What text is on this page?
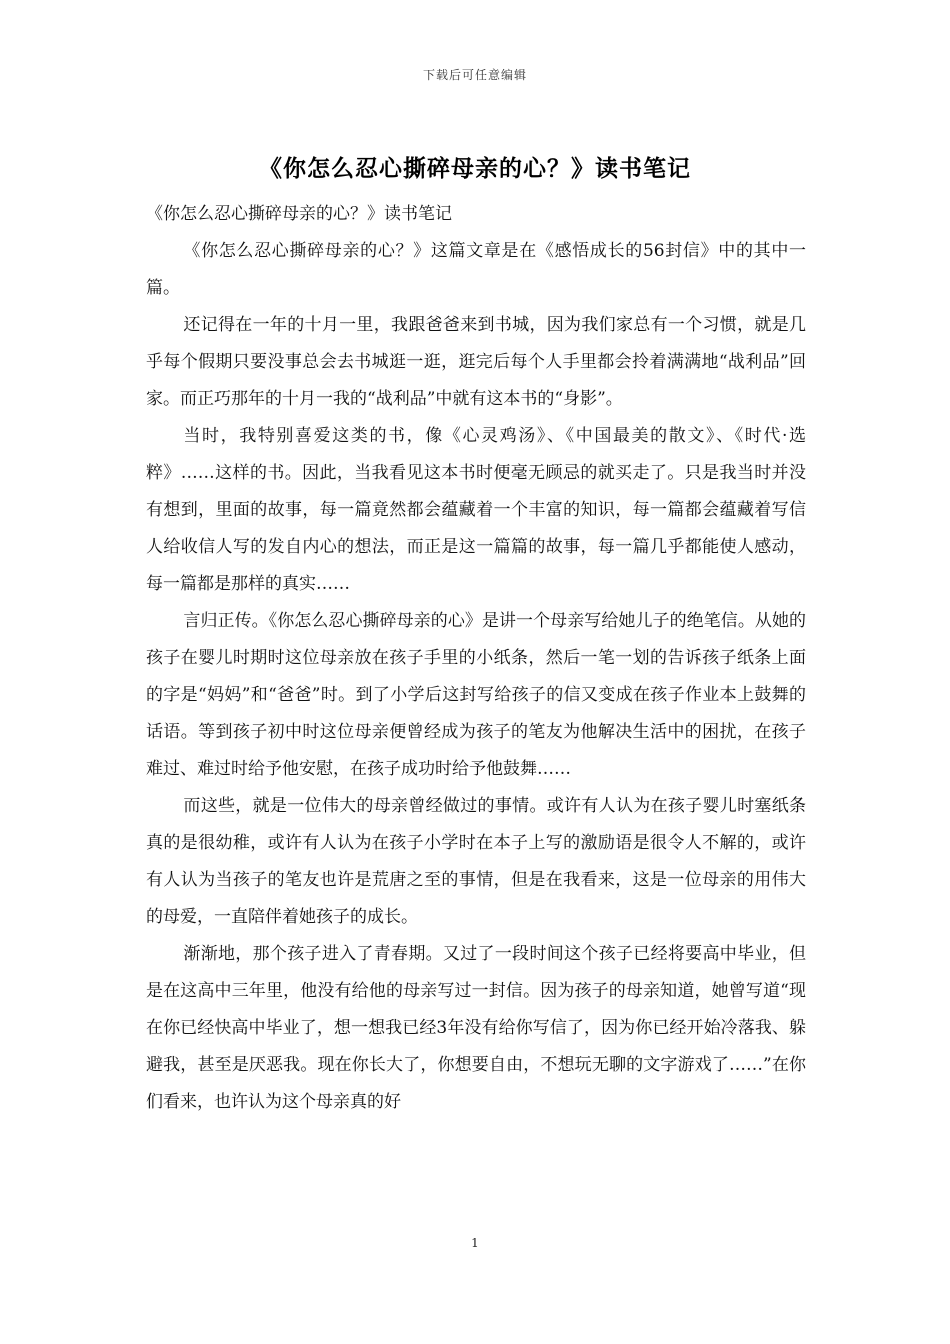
下载后可任意编辑
《你怎么忍心撕碎母亲的心？》读书笔记

《你怎么忍心撕碎母亲的心？》读书笔记

《你怎么忍心撕碎母亲的心？》这篇文章是在《感悟成长的56封信》中的其中一篇。

还记得在一年的十月一里，我跟爸爸来到书城，因为我们家总有一个习惯，就是几乎每个假期只要没事总会去书城逛一逛，逛完后每个人手里都会拎着满满地“战利品”回家。而正巧那年的十月一我的“战利品”中就有这本书的“身影”。

当时，我特别喜爱这类的书，像《心灵鸡汤》、《中国最美的散文》、《时代·选粹》……这样的书。因此，当我看见这本书时便毫无顾忌的就买走了。只是我当时并没有想到，里面的故事，每一篇竟然都会蕴藏着一个丰富的知识，每一篇都会蕴藏着写信人给收信人写的发自内心的想法，而正是这一篇篇的故事，每一篇几乎都能使人感动，每一篇都是那样的真实……

言归正传。《你怎么忍心撕碎母亲的心》是讲一个母亲写给她儿子的绝笔信。从她的孩子在婴儿时期时这位母亲放在孩子手里的小纸条，然后一笔一划的告诉孩子纸条上面的字是“妈妈”和“爸爸”时。到了小学后这封写给孩子的信又变成在孩子作业本上鼓舞的话语。等到孩子初中时这位母亲便曾经成为孩子的笔友为他解决生活中的困扰，在孩子难过、难过时给予他安慰，在孩子成功时给予他鼓舞……

而这些，就是一位伟大的母亲曾经做过的事情。或许有人认为在孩子婴儿时塞纸条真的是很幼稚，或许有人认为在孩子小学时在本子上写的激励语是很令人不解的，或许有人认为当孩子的笔友也许是荒唐之至的事情，但是在我看来，这是一位母亲的用伟大的母爱，一直陪伴着她孩子的成长。

渐渐地，那个孩子进入了青春期。又过了一段时间这个孩子已经将要高中毕业，但是在这高中三年里，他没有给他的母亲写过一封信。因为孩子的母亲知道，她曾写道“现在你已经快高中毕业了，想一想我已经3年没有给你写信了，因为你已经开始冷落我、躲避我，甚至是厌恶我。现在你长大了，你想要自由，不想玩无聊的文字游戏了……”在你们看来，也许认为这个母亲真的好

1
